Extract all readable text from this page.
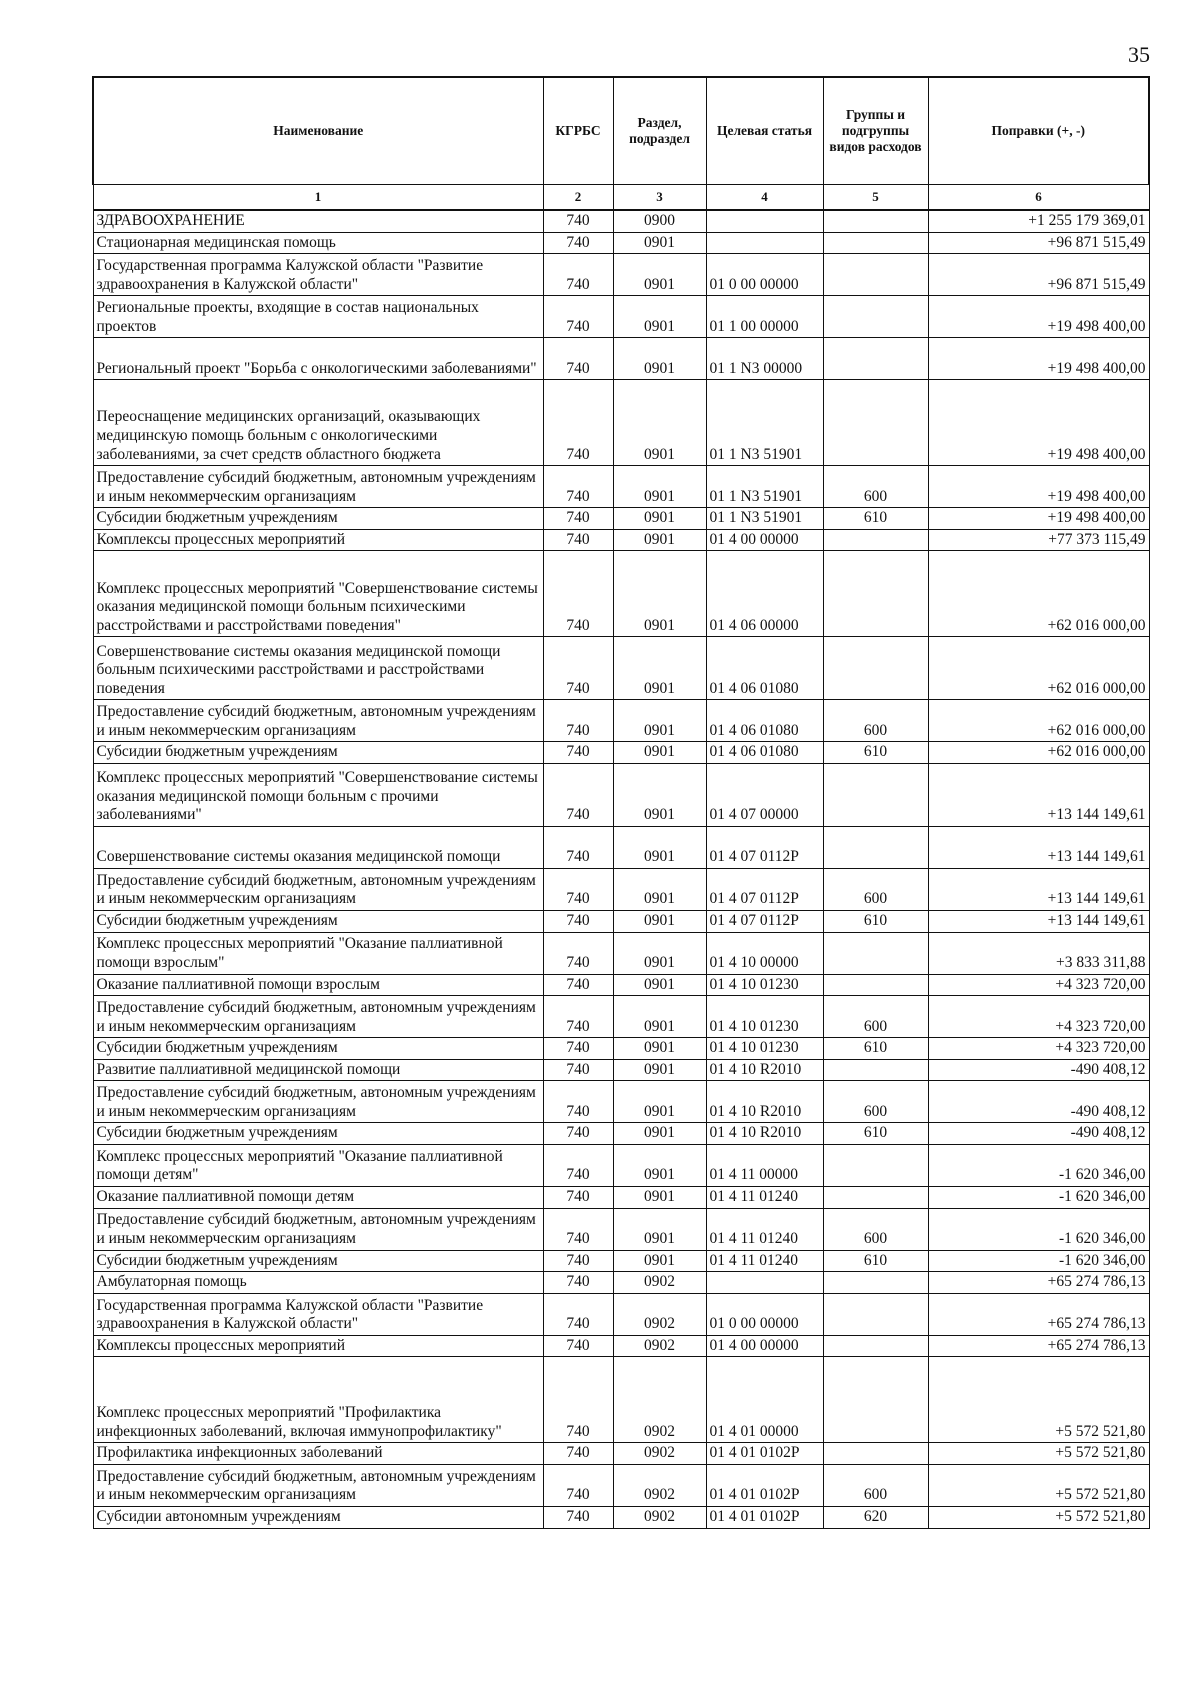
35
Наименование	КГРБС	Раздел, подраздел	Целевая статья	Группы и подгруппы видов расходов	Поправки (+, -)
1	2	3	4	5	6
ЗДРАВООХРАНЕНИЕ	740	0900			+1 255 179 369,01
Стационарная медицинская помощь	740	0901			+96 871 515,49
Государственная программа Калужской области "Развитие здравоохранения в Калужской области"	740	0901	01 0 00 00000		+96 871 515,49
Региональные проекты, входящие в состав национальных проектов	740	0901	01 1 00 00000		+19 498 400,00
Региональный проект "Борьба с онкологическими заболеваниями"	740	0901	01 1 N3 00000		+19 498 400,00
Переоснащение медицинских организаций, оказывающих медицинскую помощь больным с онкологическими заболеваниями, за счет средств областного бюджета	740	0901	01 1 N3 51901		+19 498 400,00
Предоставление субсидий бюджетным, автономным учреждениям и иным некоммерческим организациям	740	0901	01 1 N3 51901	600	+19 498 400,00
Субсидии бюджетным учреждениям	740	0901	01 1 N3 51901	610	+19 498 400,00
Комплексы процессных мероприятий	740	0901	01 4 00 00000		+77 373 115,49
Комплекс процессных мероприятий "Совершенствование системы оказания медицинской помощи больным психическими расстройствами и расстройствами поведения"	740	0901	01 4 06 00000		+62 016 000,00
Совершенствование системы оказания медицинской помощи больным психическими расстройствами и расстройствами поведения	740	0901	01 4 06 01080		+62 016 000,00
Предоставление субсидий бюджетным, автономным учреждениям и иным некоммерческим организациям	740	0901	01 4 06 01080	600	+62 016 000,00
Субсидии бюджетным учреждениям	740	0901	01 4 06 01080	610	+62 016 000,00
Комплекс процессных мероприятий "Совершенствование системы оказания медицинской помощи больным с прочими заболеваниями"	740	0901	01 4 07 00000		+13 144 149,61
Совершенствование системы оказания медицинской помощи	740	0901	01 4 07 0112Р		+13 144 149,61
Предоставление субсидий бюджетным, автономным учреждениям и иным некоммерческим организациям	740	0901	01 4 07 0112Р	600	+13 144 149,61
Субсидии бюджетным учреждениям	740	0901	01 4 07 0112Р	610	+13 144 149,61
Комплекс процессных мероприятий "Оказание паллиативной помощи взрослым"	740	0901	01 4 10 00000		+3 833 311,88
Оказание паллиативной помощи взрослым	740	0901	01 4 10 01230		+4 323 720,00
Предоставление субсидий бюджетным, автономным учреждениям и иным некоммерческим организациям	740	0901	01 4 10 01230	600	+4 323 720,00
Субсидии бюджетным учреждениям	740	0901	01 4 10 01230	610	+4 323 720,00
Развитие паллиативной медицинской помощи	740	0901	01 4 10 R2010		-490 408,12
Предоставление субсидий бюджетным, автономным учреждениям и иным некоммерческим организациям	740	0901	01 4 10 R2010	600	-490 408,12
Субсидии бюджетным учреждениям	740	0901	01 4 10 R2010	610	-490 408,12
Комплекс процессных мероприятий "Оказание паллиативной помощи детям"	740	0901	01 4 11 00000		-1 620 346,00
Оказание паллиативной помощи детям	740	0901	01 4 11 01240		-1 620 346,00
Предоставление субсидий бюджетным, автономным учреждениям и иным некоммерческим организациям	740	0901	01 4 11 01240	600	-1 620 346,00
Субсидии бюджетным учреждениям	740	0901	01 4 11 01240	610	-1 620 346,00
Амбулаторная помощь	740	0902			+65 274 786,13
Государственная программа Калужской области "Развитие здравоохранения в Калужской области"	740	0902	01 0 00 00000		+65 274 786,13
Комплексы процессных мероприятий	740	0902	01 4 00 00000		+65 274 786,13
Комплекс процессных мероприятий "Профилактика инфекционных заболеваний, включая иммунопрофилактику"	740	0902	01 4 01 00000		+5 572 521,80
Профилактика инфекционных заболеваний	740	0902	01 4 01 0102Р		+5 572 521,80
Предоставление субсидий бюджетным, автономным учреждениям и иным некоммерческим организациям	740	0902	01 4 01 0102Р	600	+5 572 521,80
Субсидии автономным учреждениям	740	0902	01 4 01 0102Р	620	+5 572 521,80
